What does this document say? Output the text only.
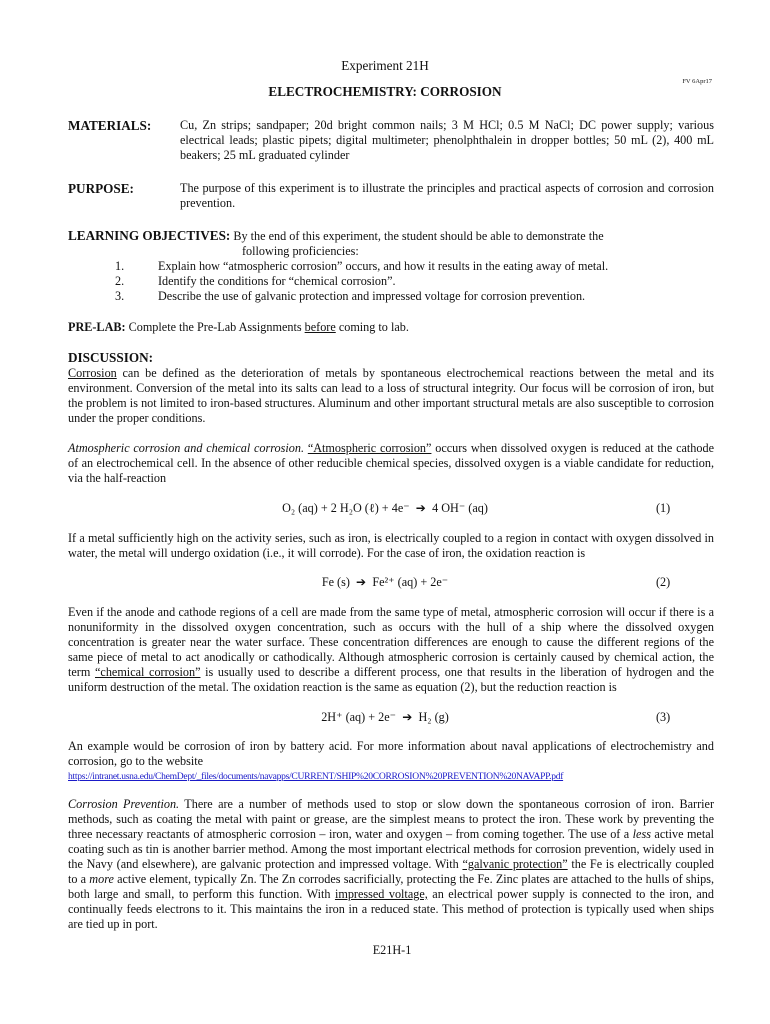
Experiment 21H
FV 6Apr17
ELECTROCHEMISTRY: CORROSION
MATERIALS: Cu, Zn strips; sandpaper; 20d bright common nails; 3 M HCl; 0.5 M NaCl; DC power supply; various electrical leads; plastic pipets; digital multimeter; phenolphthalein in dropper bottles; 50 mL (2), 400 mL beakers; 25 mL graduated cylinder
PURPOSE:	The purpose of this experiment is to illustrate the principles and practical aspects of corrosion and corrosion prevention.
LEARNING OBJECTIVES: By the end of this experiment, the student should be able to demonstrate the
following proficiencies:
1.	Explain how “atmospheric corrosion” occurs, and how it results in the eating away of metal.
2.	Identify the conditions for “chemical corrosion”.
3.	Describe the use of galvanic protection and impressed voltage for corrosion prevention.
PRE-LAB: Complete the Pre-Lab Assignments before coming to lab.
DISCUSSION:
Corrosion can be defined as the deterioration of metals by spontaneous electrochemical reactions between the metal and its environment. Conversion of the metal into its salts can lead to a loss of structural integrity. Our focus will be corrosion of iron, but the problem is not limited to iron-based structures. Aluminum and other important structural metals are also susceptible to corrosion under the proper conditions.
Atmospheric corrosion and chemical corrosion. “Atmospheric corrosion” occurs when dissolved oxygen is reduced at the cathode of an electrochemical cell. In the absence of other reducible chemical species, dissolved oxygen is a viable candidate for reduction, via the half-reaction
O₂ (aq) + 2 H₂O (ℓ) + 4e⁻ ➔ 4 OH⁻ (aq)	(1)
If a metal sufficiently high on the activity series, such as iron, is electrically coupled to a region in contact with oxygen dissolved in water, the metal will undergo oxidation (i.e., it will corrode). For the case of iron, the oxidation reaction is
Fe (s) ➔ Fe²⁺ (aq) + 2e⁻	(2)
Even if the anode and cathode regions of a cell are made from the same type of metal, atmospheric corrosion will occur if there is a nonuniformity in the dissolved oxygen concentration, such as occurs with the hull of a ship where the dissolved oxygen concentration is greater near the water surface. These concentration differences are enough to cause the different regions of the same piece of metal to act anodically or cathodically. Although atmospheric corrosion is certainly caused by chemical action, the term “chemical corrosion” is usually used to describe a different process, one that results in the liberation of hydrogen and the uniform destruction of the metal. The oxidation reaction is the same as equation (2), but the reduction reaction is
2H⁺ (aq) + 2e⁻ ➔ H₂ (g)	(3)
An example would be corrosion of iron by battery acid. For more information about naval applications of electrochemistry and corrosion, go to the website
https://intranet.usna.edu/ChemDept/_files/documents/navapps/CURRENT/SHIP%20CORROSION%20PREVENTION%20NAVAPP.pdf
Corrosion Prevention. There are a number of methods used to stop or slow down the spontaneous corrosion of iron. Barrier methods, such as coating the metal with paint or grease, are the simplest means to protect the iron. These work by preventing the three necessary reactants of atmospheric corrosion – iron, water and oxygen – from coming together. The use of a less active metal coating such as tin is another barrier method. Among the most important electrical methods for corrosion prevention, widely used in the Navy (and elsewhere), are galvanic protection and impressed voltage. With “galvanic protection” the Fe is electrically coupled to a more active element, typically Zn. The Zn corrodes sacrificially, protecting the Fe. Zinc plates are attached to the hulls of ships, both large and small, to perform this function. With impressed voltage, an electrical power supply is connected to the iron, and continually feeds electrons to it. This maintains the iron in a reduced state. This method of protection is typically used when ships are tied up in port.
E21H-1
